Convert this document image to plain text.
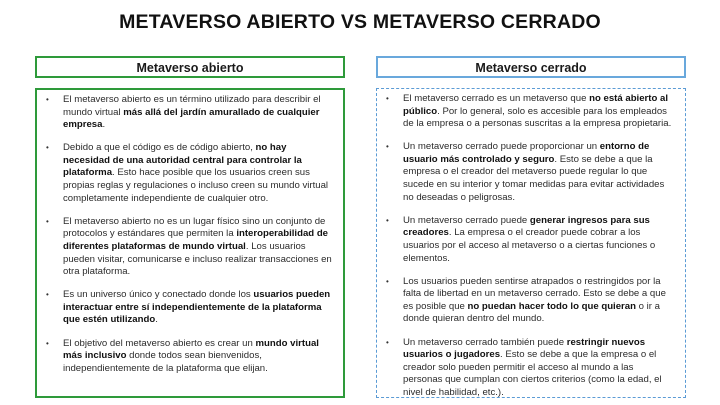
METAVERSO ABIERTO VS METAVERSO CERRADO
Metaverso abierto	Metaverso cerrado
• El metaverso abierto es un término utilizado para describir el mundo virtual más allá del jardín amurallado de cualquier empresa.
• Debido a que el código es de código abierto, no hay necesidad de una autoridad central para controlar la plataforma. Esto hace posible que los usuarios creen sus propias reglas y regulaciones o incluso creen su mundo virtual completamente independiente de cualquier otro.
• El metaverso abierto no es un lugar físico sino un conjunto de protocolos y estándares que permiten la interoperabilidad de diferentes plataformas de mundo virtual. Los usuarios pueden visitar, comunicarse e incluso realizar transacciones en otra plataforma.
• Es un universo único y conectado donde los usuarios pueden interactuar entre sí independientemente de la plataforma que estén utilizando.
• El objetivo del metaverso abierto es crear un mundo virtual más inclusivo donde todos sean bienvenidos, independientemente de la plataforma que elijan.
• El metaverso cerrado es un metaverso que no está abierto al público. Por lo general, solo es accesible para los empleados de la empresa o a personas suscritas a la empresa propietaria.
• Un metaverso cerrado puede proporcionar un entorno de usuario más controlado y seguro. Esto se debe a que la empresa o el creador del metaverso puede regular lo que sucede en su interior y tomar medidas para evitar actividades no deseadas o peligrosas.
• Un metaverso cerrado puede generar ingresos para sus creadores. La empresa o el creador puede cobrar a los usuarios por el acceso al metaverso o a ciertas funciones o elementos.
• Los usuarios pueden sentirse atrapados o restringidos por la falta de libertad en un metaverso cerrado. Esto se debe a que es posible que no puedan hacer todo lo que quieran o ir a donde quieran dentro del mundo.
• Un metaverso cerrado también puede restringir nuevos usuarios o jugadores. Esto se debe a que la empresa o el creador solo pueden permitir el acceso al mundo a las personas que cumplan con ciertos criterios (como la edad, el nivel de habilidad, etc.).
